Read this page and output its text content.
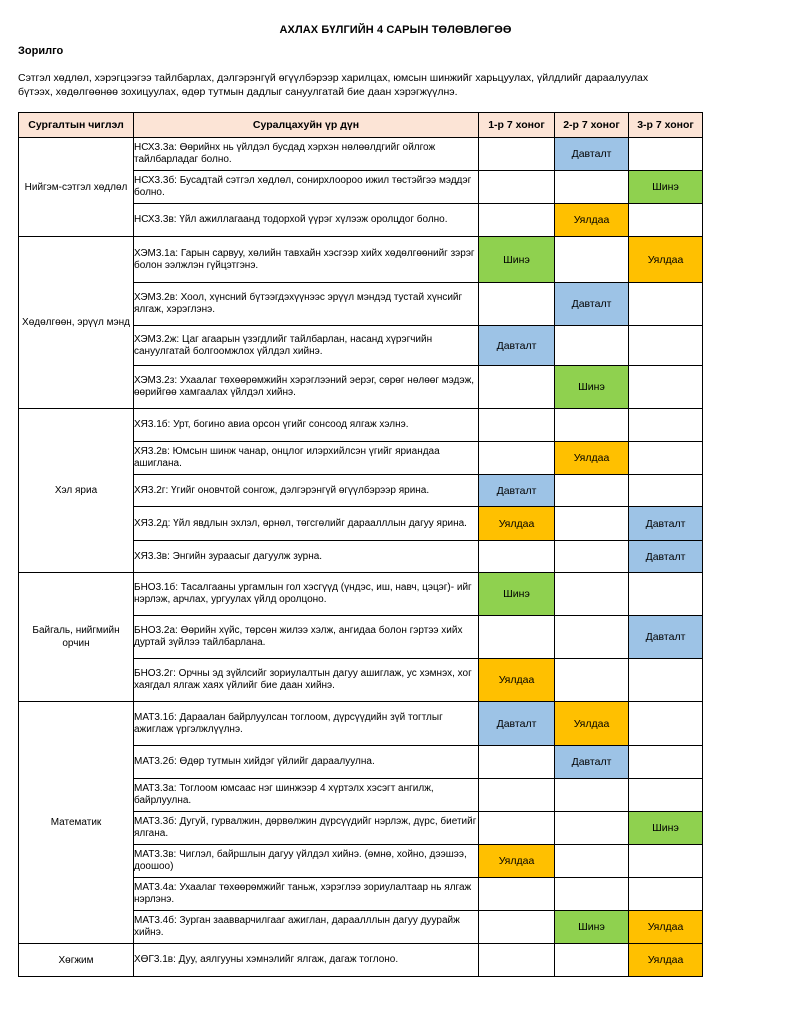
АХЛАХ БҮЛГИЙН 4 САРЫН ТӨЛӨВЛӨГӨӨ
Зорилго
Сэтгэл хөдлөл, хэрэгцээгээ тайлбарлах, дэлгэрэнгүй өгүүлбэрээр харилцах, юмсын шинжийг харьцуулах, үйлдлийг дараалуулах
бүтээх, хөдөлгөөнөө зохицуулах, өдөр тутмын дадлыг сануулгатай бие даан хэрэгжүүлнэ.
Сургалтын чиглэл	Суралцахуйн үр дүн	1-р 7 хоног	2-р 7 хоног	3-р 7 хоног
Нийгэм-сэтгэл хөдлөл	НСХ3.3а: Өөрийнх нь үйлдэл бусдад хэрхэн нөлөөлдгийг ойлгож тайлбарладаг болно.		Давталт	
	НСХ3.3б: Бусадтай сэтгэл хөдлөл, сонирхлоороо ижил төстэйгээ мэддэг болно.			Шинэ
	НСХ3.3в: Үйл ажиллагаанд тодорхой үүрэг хүлээж оролцдог болно.		Уялдаа	
Хөдөлгөөн, эрүүл мэнд	ХЭМ3.1а: Гарын сарвуу, хөлийн тавхайн хэсгээр хийх хөдөлгөөнийг зэрэг болон ээлжлэн гүйцэтгэнэ.	Шинэ		Уялдаа
	ХЭМ3.2в: Хоол, хүнсний бүтээгдэхүүнээс эрүүл мэндэд тустай хүнсийг ялгаж, хэрэглэнэ.		Давталт	
	ХЭМ3.2ж: Цаг агаарын үзэгдлийг тайлбарлан, насанд хүрэгчийн сануулгатай болгоомжлох үйлдэл хийнэ.	Давталт		
	ХЭМ3.2з: Ухаалаг төхөөрөмжийн хэрэглээний эерэг, сөрөг нөлөөг мэдэж, өөрийгөө хамгаалах үйлдэл хийнэ.		Шинэ	
Хэл яриа	ХЯ3.1б: Урт, богино авиа орсон үгийг сонсоод ялгаж хэлнэ.			
	ХЯ3.2в: Юмсын шинж чанар, онцлог илэрхийлсэн үгийг яриандаа ашиглана.		Уялдаа	
	ХЯ3.2г: Үгийг оновчтой сонгож, дэлгэрэнгүй өгүүлбэрээр ярина.	Давталт		
	ХЯ3.2д: Үйл явдлын эхлэл, өрнөл, төгсгөлийг дараалллын дагуу ярина.	Уялдаа		Давталт
	ХЯ3.3в: Энгийн зураасыг дагуулж зурна.			Давталт
Байгаль, нийгмийн орчин	БНО3.1б: Тасалгааны ургамлын гол хэсгүүд (үндэс, иш, навч, цэцэг)- ийг нэрлэж, арчлах, ургуулах үйлд оролцоно.	Шинэ		
	БНО3.2а: Өөрийн хүйс, төрсөн жилээ хэлж, ангидаа болон гэртээ хийх дуртай зүйлээ тайлбарлана.			Давталт
	БНО3.2г: Орчны эд зүйлсийг зориулалтын дагуу ашиглаж, ус хэмнэх, хог хаягдал ялгаж хаях үйлийг бие даан хийнэ.	Уялдаа		
Математик	МАТ3.1б: Дараалан байрлуулсан тоглоом, дүрсүүдийн зүй тогтлыг ажиглаж үргэлжлүүлнэ.	Давталт	Уялдаа	
	МАТ3.2б: Өдөр тутмын хийдэг үйлийг дараалуулна.		Давталт	
	МАТ3.3а: Тоглоом юмсаас нэг шинжээр 4 хүртэлх хэсэгт ангилж, байрлуулна.			
	МАТ3.3б: Дугуй, гурвалжин, дөрвөлжин дүрсүүдийг нэрлэж, дүрс, биетийг ялгана.			Шинэ
	МАТ3.3в: Чиглэл, байршлын дагуу үйлдэл хийнэ. (өмнө, хойно, дээшээ, доошоо)	Уялдаа		
	МАТ3.4а: Ухаалаг төхөөрөмжийг таньж, хэрэглээ зориулалтаар нь ялгаж нэрлэнэ.			
	МАТ3.4б: Зурган заавварчилгааг ажиглан, дараалллын дагуу дуурайж хийнэ.		Шинэ	Уялдаа
Хөгжим	ХӨГ3.1в: Дуу, аялгууны хэмнэлийг ялгаж, дагаж тоглоно.			Уялдаа
